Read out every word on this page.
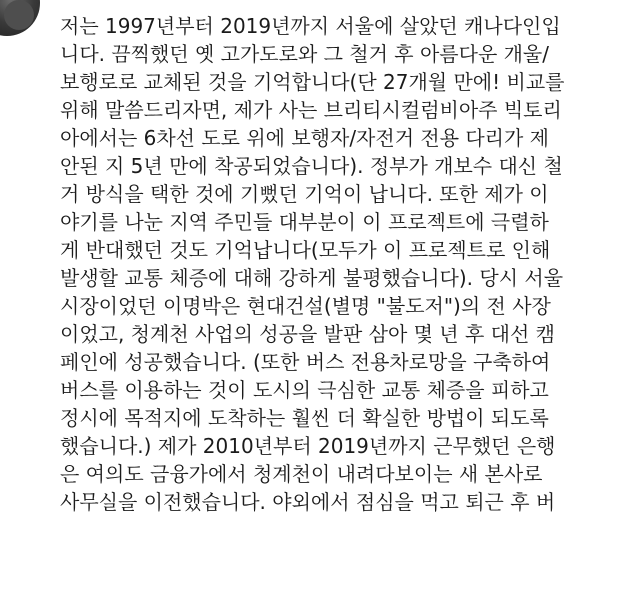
저는 1997년부터 2019년까지 서울에 살았던 캐나다인입
니다. 끔찍했던 옛 고가도로와 그 철거 후 아름다운 개울/
보행로로 교체된 것을 기억합니다(단 27개월 만에! 비교를
위해 말씀드리자면, 제가 사는 브리티시컬럼비아주 빅토리
아에서는 6차선 도로 위에 보행자/자전거 전용 다리가 제
안된 지 5년 만에 착공되었습니다). 정부가 개보수 대신 철
거 방식을 택한 것에 기뻤던 기억이 납니다. 또한 제가 이
야기를 나눈 지역 주민들 대부분이 이 프로젝트에 극렬하
게 반대했던 것도 기억납니다(모두가 이 프로젝트로 인해
발생할 교통 체증에 대해 강하게 불평했습니다). 당시 서울
시장이었던 이명박은 현대건설(별명 "불도저")의 전 사장
이었고, 청계천 사업의 성공을 발판 삼아 몇 년 후 대선 캠
페인에 성공했습니다. (또한 버스 전용차로망을 구축하여
버스를 이용하는 것이 도시의 극심한 교통 체증을 피하고
정시에 목적지에 도착하는 훨씬 더 확실한 방법이 되도록
했습니다.) 제가 2010년부터 2019년까지 근무했던 은행
은 여의도 금융가에서 청계천이 내려다보이는 새 본사로
사무실을 이전했습니다. 야외에서 점심을 먹고 퇴근 후 버
